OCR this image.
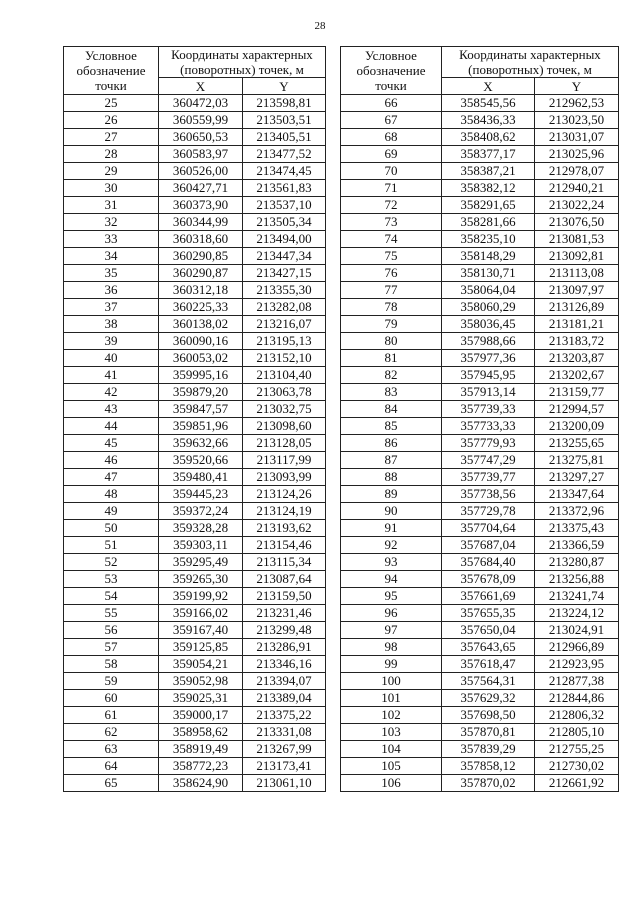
28
Условное обозначение точки	Координаты характерных (поворотных) точек, м	
	X	Y
25	360472,03	213598,81
26	360559,99	213503,51
27	360650,53	213405,51
28	360583,97	213477,52
29	360526,00	213474,45
30	360427,71	213561,83
31	360373,90	213537,10
32	360344,99	213505,34
33	360318,60	213494,00
34	360290,85	213447,34
35	360290,87	213427,15
36	360312,18	213355,30
37	360225,33	213282,08
38	360138,02	213216,07
39	360090,16	213195,13
40	360053,02	213152,10
41	359995,16	213104,40
42	359879,20	213063,78
43	359847,57	213032,75
44	359851,96	213098,60
45	359632,66	213128,05
46	359520,66	213117,99
47	359480,41	213093,99
48	359445,23	213124,26
49	359372,24	213124,19
50	359328,28	213193,62
51	359303,11	213154,46
52	359295,49	213115,34
53	359265,30	213087,64
54	359199,92	213159,50
55	359166,02	213231,46
56	359167,40	213299,48
57	359125,85	213286,91
58	359054,21	213346,16
59	359052,98	213394,07
60	359025,31	213389,04
61	359000,17	213375,22
62	358958,62	213331,08
63	358919,49	213267,99
64	358772,23	213173,41
65	358624,90	213061,10
Условное обозначение точки	Координаты характерных (поворотных) точек, м	
	X	Y
66	358545,56	212962,53
67	358436,33	213023,50
68	358408,62	213031,07
69	358377,17	213025,96
70	358387,21	212978,07
71	358382,12	212940,21
72	358291,65	213022,24
73	358281,66	213076,50
74	358235,10	213081,53
75	358148,29	213092,81
76	358130,71	213113,08
77	358064,04	213097,97
78	358060,29	213126,89
79	358036,45	213181,21
80	357988,66	213183,72
81	357977,36	213203,87
82	357945,95	213202,67
83	357913,14	213159,77
84	357739,33	212994,57
85	357733,33	213200,09
86	357779,93	213255,65
87	357747,29	213275,81
88	357739,77	213297,27
89	357738,56	213347,64
90	357729,78	213372,96
91	357704,64	213375,43
92	357687,04	213366,59
93	357684,40	213280,87
94	357678,09	213256,88
95	357661,69	213241,74
96	357655,35	213224,12
97	357650,04	213024,91
98	357643,65	212966,89
99	357618,47	212923,95
100	357564,31	212877,38
101	357629,32	212844,86
102	357698,50	212806,32
103	357870,81	212805,10
104	357839,29	212755,25
105	357858,12	212730,02
106	357870,02	212661,92
